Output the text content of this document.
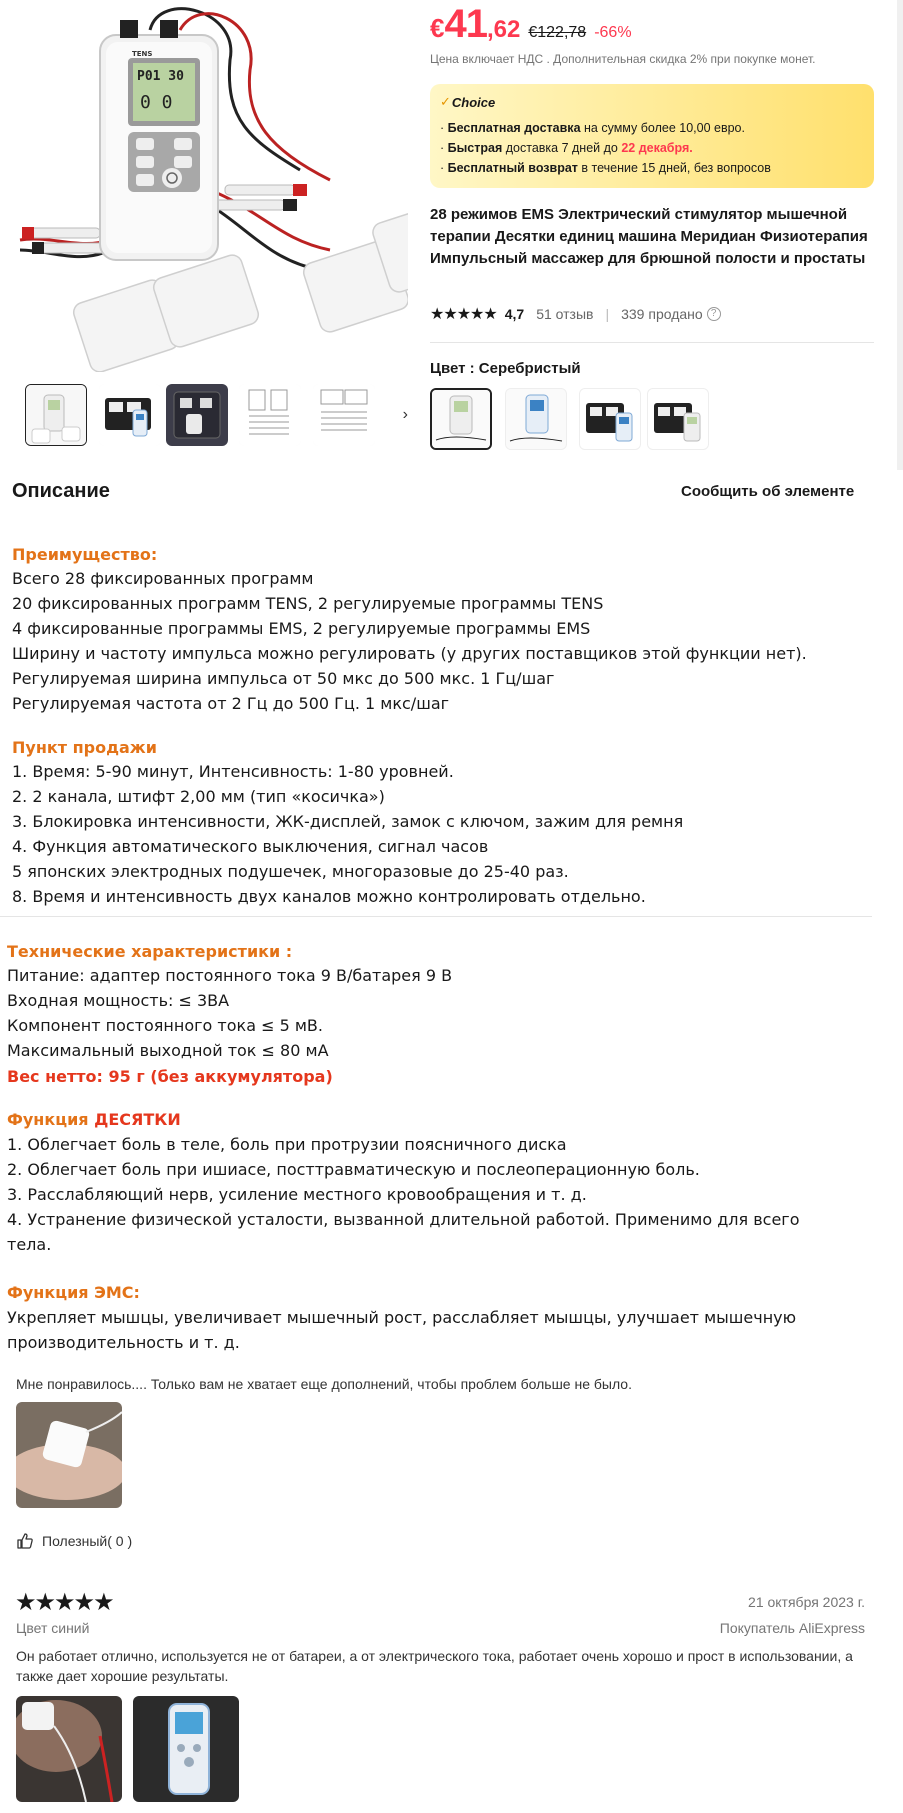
P01 30
0 0
TENS
›
€ 41 ,62 €122,78 -66%
Цена включает НДС . Дополнительная скидка 2% при покупке монет.
✓ Choice
· Бесплатная доставка на сумму более 10,00 евро.
· Быстрая доставка 7 дней до 22 декабря.
· Бесплатный возврат в течение 15 дней, без вопросов
28 режимов EMS Электрический стимулятор мышечной терапии Десятки единиц машина Меридиан Физиотерапия Импульсный массажер для брюшной полости и простаты
★★★★★ 4,7 51 отзыв | 339 продано ?
Цвет : Серебристый
Описание	Сообщить об элементе
Преимущество:
Всего 28 фиксированных программ
20 фиксированных программ TENS, 2 регулируемые программы TENS
4 фиксированные программы EMS, 2 регулируемые программы EMS
Ширину и частоту импульса можно регулировать (у других поставщиков этой функции нет).
Регулируемая ширина импульса от 50 мкс до 500 мкс. 1 Гц/шаг
Регулируемая частота от 2 Гц до 500 Гц. 1 мкс/шаг
Пункт продажи
1. Время: 5-90 минут, Интенсивность: 1-80 уровней.
2. 2 канала, штифт 2,00 мм (тип «косичка»)
3. Блокировка интенсивности, ЖК-дисплей, замок с ключом, зажим для ремня
4. Функция автоматического выключения, сигнал часов
5 японских электродных подушечек, многоразовые до 25-40 раз.
8. Время и интенсивность двух каналов можно контролировать отдельно.
Технические характеристики :
Питание: адаптер постоянного тока 9 В/батарея 9 В
Входная мощность: ≤ 3ВА
Компонент постоянного тока ≤ 5 мВ.
Максимальный выходной ток ≤ 80 мА
Вес нетто: 95 г (без аккумулятора)
Функция ДЕСЯТКИ
1. Облегчает боль в теле, боль при протрузии поясничного диска
2. Облегчает боль при ишиасе, посттравматическую и послеоперационную боль.
3. Расслабляющий нерв, усиление местного кровообращения и т. д.
4. Устранение физической усталости, вызванной длительной работой. Применимо для всего
тела.
Функция ЭМС:
Укрепляет мышцы, увеличивает мышечный рост, расслабляет мышцы, улучшает мышечную
производительность и т. д.
Мне понравилось.... Только вам не хватает еще дополнений, чтобы проблем больше не было.
Полезный( 0 )
★★★★★	21 октября 2023 г.
Цвет синий	Покупатель AliExpress
Он работает отлично, используется не от батареи, а от электрического тока, работает очень хорошо и прост в использовании, а также дает хорошие результаты.
